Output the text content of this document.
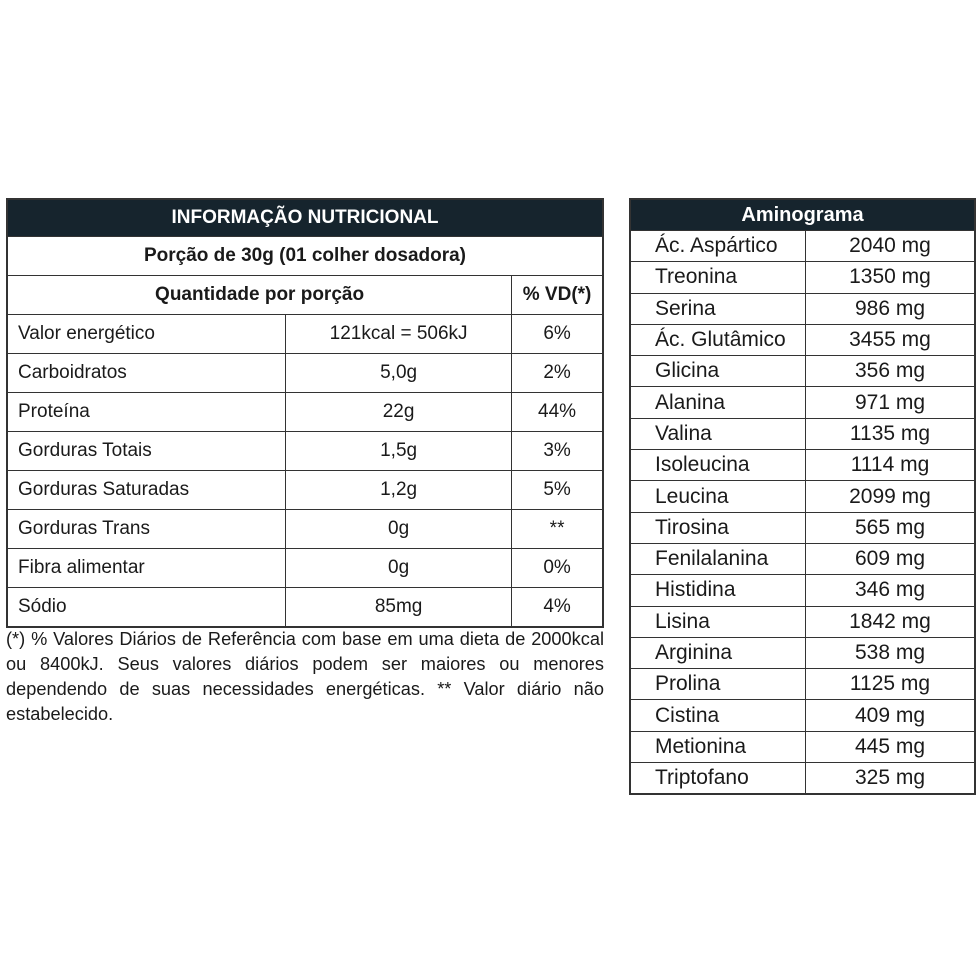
INFORMAÇÃO NUTRICIONAL		
Porção de 30g (01 colher dosadora)		
Quantidade por porção		% VD(*)
Valor energético	121kcal = 506kJ	6%
Carboidratos	5,0g	2%
Proteína	22g	44%
Gorduras Totais	1,5g	3%
Gorduras Saturadas	1,2g	5%
Gorduras Trans	0g	**
Fibra alimentar	0g	0%
Sódio	85mg	4%
(*) % Valores Diários de Referência com base em uma dieta de 2000kcal ou 8400kJ. Seus valores diários podem ser maiores ou menores dependendo de suas necessidades energéticas. ** Valor diário não estabelecido.
Aminograma	
Ác. Aspártico	2040 mg
Treonina	1350 mg
Serina	986 mg
Ác. Glutâmico	3455 mg
Glicina	356 mg
Alanina	971 mg
Valina	1135 mg
Isoleucina	1114 mg
Leucina	2099 mg
Tirosina	565 mg
Fenilalanina	609 mg
Histidina	346 mg
Lisina	1842 mg
Arginina	538 mg
Prolina	1125 mg
Cistina	409 mg
Metionina	445 mg
Triptofano	325 mg
